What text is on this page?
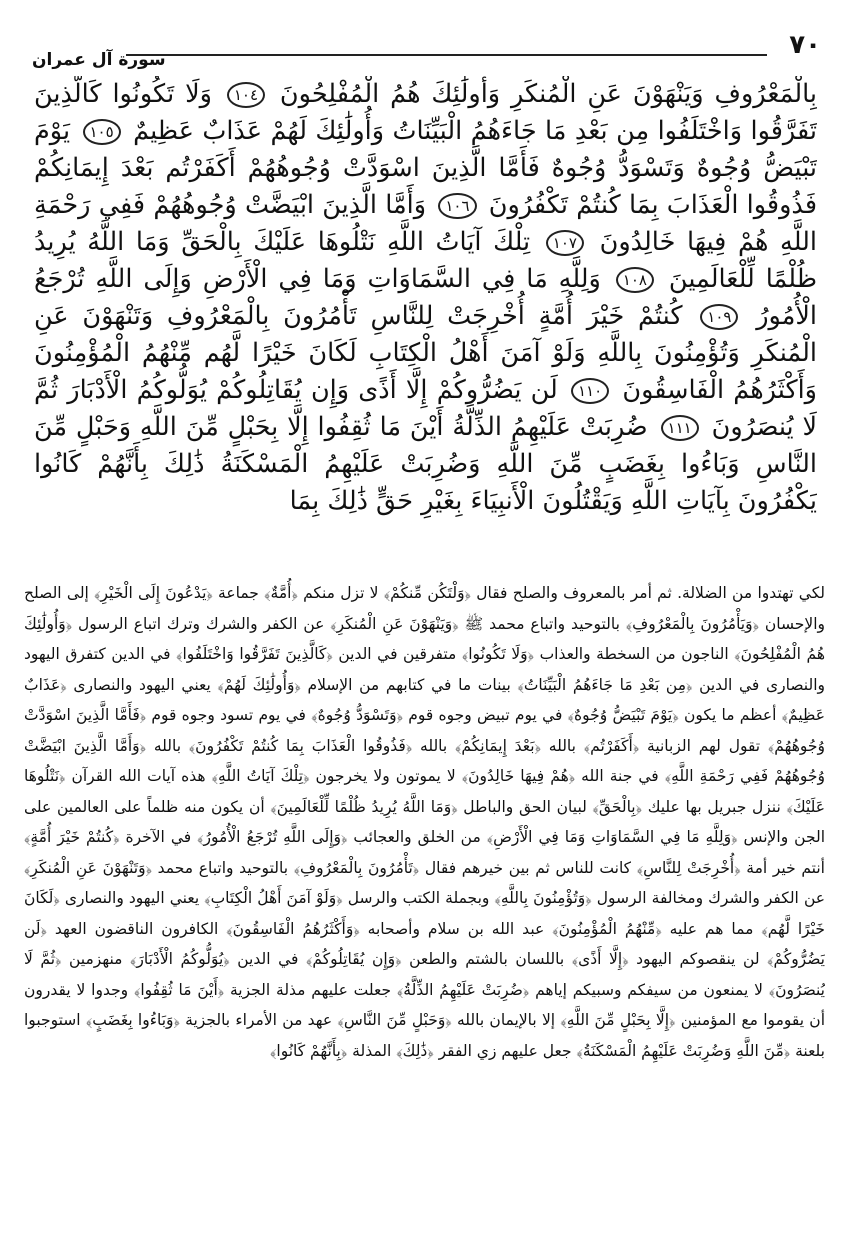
٧٠
سورة آل عمران

بِالْمَعْرُوفِ وَيَنْهَوْنَ عَنِ الْمُنكَرِ وَأُولَٰئِكَ هُمُ الْمُفْلِحُونَ ١٠٤ وَلَا تَكُونُوا كَالَّذِينَ تَفَرَّقُوا وَاخْتَلَفُوا مِن بَعْدِ مَا جَاءَهُمُ الْبَيِّنَاتُ وَأُولَٰئِكَ لَهُمْ عَذَابٌ عَظِيمٌ ١٠٥ يَوْمَ تَبْيَضُّ وُجُوهٌ وَتَسْوَدُّ وُجُوهٌ فَأَمَّا الَّذِينَ اسْوَدَّتْ وُجُوهُهُمْ أَكَفَرْتُم بَعْدَ إِيمَانِكُمْ فَذُوقُوا الْعَذَابَ بِمَا كُنتُمْ تَكْفُرُونَ ١٠٦ وَأَمَّا الَّذِينَ ابْيَضَّتْ وُجُوهُهُمْ فَفِي رَحْمَةِ اللَّهِ هُمْ فِيهَا خَالِدُونَ ١٠٧ تِلْكَ آيَاتُ اللَّهِ نَتْلُوهَا عَلَيْكَ بِالْحَقِّ وَمَا اللَّهُ يُرِيدُ ظُلْمًا لِّلْعَالَمِينَ ١٠٨ وَلِلَّهِ مَا فِي السَّمَاوَاتِ وَمَا فِي الْأَرْضِ وَإِلَى اللَّهِ تُرْجَعُ الْأُمُورُ ١٠٩ كُنتُمْ خَيْرَ أُمَّةٍ أُخْرِجَتْ لِلنَّاسِ تَأْمُرُونَ بِالْمَعْرُوفِ وَتَنْهَوْنَ عَنِ الْمُنكَرِ وَتُؤْمِنُونَ بِاللَّهِ وَلَوْ آمَنَ أَهْلُ الْكِتَابِ لَكَانَ خَيْرًا لَّهُم مِّنْهُمُ الْمُؤْمِنُونَ وَأَكْثَرُهُمُ الْفَاسِقُونَ ١١٠ لَن يَضُرُّوكُمْ إِلَّا أَذًى وَإِن يُقَاتِلُوكُمْ يُوَلُّوكُمُ الْأَدْبَارَ ثُمَّ لَا يُنصَرُونَ ١١١ ضُرِبَتْ عَلَيْهِمُ الذِّلَّةُ أَيْنَ مَا ثُقِفُوا إِلَّا بِحَبْلٍ مِّنَ اللَّهِ وَحَبْلٍ مِّنَ النَّاسِ وَبَاءُوا بِغَضَبٍ مِّنَ اللَّهِ وَضُرِبَتْ عَلَيْهِمُ الْمَسْكَنَةُ ذَٰلِكَ بِأَنَّهُمْ كَانُوا يَكْفُرُونَ بِآيَاتِ اللَّهِ وَيَقْتُلُونَ الْأَنبِيَاءَ بِغَيْرِ حَقٍّ ذَٰلِكَ بِمَا

لكي تهتدوا من الضلالة. ثم أمر بالمعروف والصلح فقال ﴿وَلْتَكُن مِّنكُمْ﴾ لا تزل منكم ﴿أُمَّةٌ﴾ جماعة ﴿يَدْعُونَ إِلَى الْخَيْرِ﴾ إلى الصلح والإحسان ﴿وَيَأْمُرُونَ بِالْمَعْرُوفِ﴾ بالتوحيد واتباع محمد ﷺ ﴿وَيَنْهَوْنَ عَنِ الْمُنكَرِ﴾ عن الكفر والشرك وترك اتباع الرسول ﴿وَأُولَٰئِكَ هُمُ الْمُفْلِحُونَ﴾ الناجون من السخطة والعذاب ﴿وَلَا تَكُونُوا﴾ متفرقين في الدين ﴿كَالَّذِينَ تَفَرَّقُوا وَاخْتَلَفُوا﴾ في الدين كتفرق اليهود والنصارى في الدين ﴿مِن بَعْدِ مَا جَاءَهُمُ الْبَيِّنَاتُ﴾ بينات ما في كتابهم من الإسلام ﴿وَأُولَٰئِكَ لَهُمْ﴾ يعني اليهود والنصارى ﴿عَذَابٌ عَظِيمٌ﴾ أعظم ما يكون ﴿يَوْمَ تَبْيَضُّ وُجُوهٌ﴾ في يوم تبيض وجوه قوم ﴿وَتَسْوَدُّ وُجُوهٌ﴾ في يوم تسود وجوه قوم ﴿فَأَمَّا الَّذِينَ اسْوَدَّتْ وُجُوهُهُمْ﴾ تقول لهم الزبانية ﴿أَكَفَرْتُم﴾ بالله ﴿بَعْدَ إِيمَانِكُمْ﴾ بالله ﴿فَذُوقُوا الْعَذَابَ بِمَا كُنتُمْ تَكْفُرُونَ﴾ بالله ﴿وَأَمَّا الَّذِينَ ابْيَضَّتْ وُجُوهُهُمْ فَفِي رَحْمَةِ اللَّهِ﴾ في جنة الله ﴿هُمْ فِيهَا خَالِدُونَ﴾ لا يموتون ولا يخرجون ﴿تِلْكَ آيَاتُ اللَّهِ﴾ هذه آيات الله القرآن ﴿نَتْلُوهَا عَلَيْكَ﴾ ننزل جبريل بها عليك ﴿بِالْحَقِّ﴾ لبيان الحق والباطل ﴿وَمَا اللَّهُ يُرِيدُ ظُلْمًا لِّلْعَالَمِينَ﴾ أن يكون منه ظلماً على العالمين على الجن والإنس ﴿وَلِلَّهِ مَا فِي السَّمَاوَاتِ وَمَا فِي الْأَرْضِ﴾ من الخلق والعجائب ﴿وَإِلَى اللَّهِ تُرْجَعُ الْأُمُورُ﴾ في الآخرة ﴿كُنتُمْ خَيْرَ أُمَّةٍ﴾ أنتم خير أمة ﴿أُخْرِجَتْ لِلنَّاسِ﴾ كانت للناس ثم بين خيرهم فقال ﴿تَأْمُرُونَ بِالْمَعْرُوفِ﴾ بالتوحيد واتباع محمد ﴿وَتَنْهَوْنَ عَنِ الْمُنكَرِ﴾ عن الكفر والشرك ومخالفة الرسول ﴿وَتُؤْمِنُونَ بِاللَّهِ﴾ وبجملة الكتب والرسل ﴿وَلَوْ آمَنَ أَهْلُ الْكِتَابِ﴾ يعني اليهود والنصارى ﴿لَكَانَ خَيْرًا لَّهُم﴾ مما هم عليه ﴿مِّنْهُمُ الْمُؤْمِنُونَ﴾ عبد الله بن سلام وأصحابه ﴿وَأَكْثَرُهُمُ الْفَاسِقُونَ﴾ الكافرون الناقضون العهد ﴿لَن يَضُرُّوكُمْ﴾ لن ينقصوكم اليهود ﴿إِلَّا أَذًى﴾ باللسان بالشتم والطعن ﴿وَإِن يُقَاتِلُوكُمْ﴾ في الدين ﴿يُوَلُّوكُمُ الْأَدْبَارَ﴾ منهزمين ﴿ثُمَّ لَا يُنصَرُونَ﴾ لا يمنعون من سيفكم وسبيكم إياهم ﴿ضُرِبَتْ عَلَيْهِمُ الذِّلَّةُ﴾ جعلت عليهم مذلة الجزية ﴿أَيْنَ مَا ثُقِفُوا﴾ وجدوا لا يقدرون أن يقوموا مع المؤمنين ﴿إِلَّا بِحَبْلٍ مِّنَ اللَّهِ﴾ إلا بالإيمان بالله ﴿وَحَبْلٍ مِّنَ النَّاسِ﴾ عهد من الأمراء بالجزية ﴿وَبَاءُوا بِغَضَبٍ﴾ استوجبوا بلعنة ﴿مِّنَ اللَّهِ وَضُرِبَتْ عَلَيْهِمُ الْمَسْكَنَةُ﴾ جعل عليهم زي الفقر ﴿ذَٰلِكَ﴾ المذلة ﴿بِأَنَّهُمْ كَانُوا﴾
